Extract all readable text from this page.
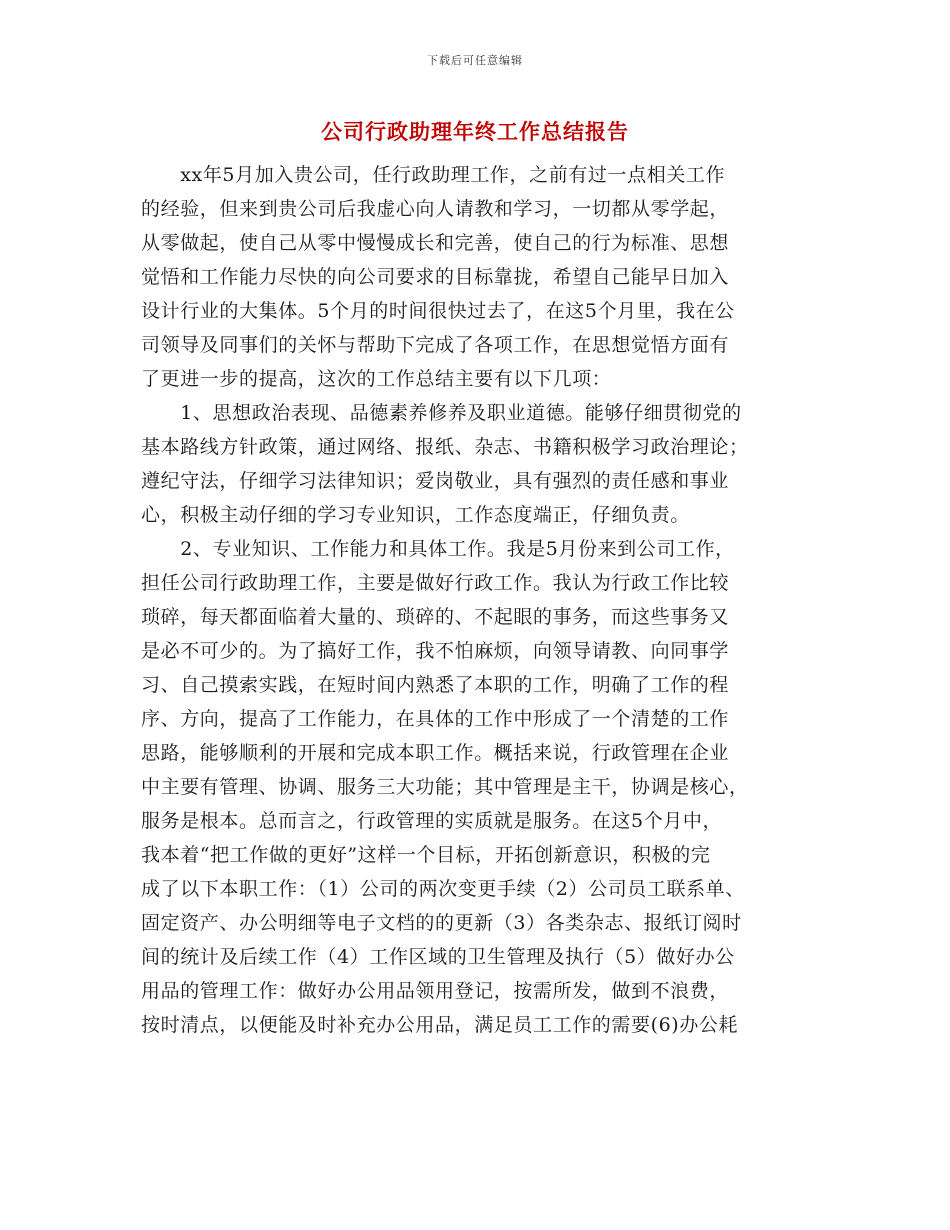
下载后可任意编辑
公司行政助理年终工作总结报告
　　xx年5月加入贵公司，任行政助理工作，之前有过一点相关工作
的经验，但来到贵公司后我虚心向人请教和学习，一切都从零学起，
从零做起，使自己从零中慢慢成长和完善，使自己的行为标准、思想
觉悟和工作能力尽快的向公司要求的目标靠拢，希望自己能早日加入
设计行业的大集体。5个月的时间很快过去了，在这5个月里，我在公
司领导及同事们的关怀与帮助下完成了各项工作，在思想觉悟方面有
了更进一步的提高，这次的工作总结主要有以下几项：
　　1、思想政治表现、品德素养修养及职业道德。能够仔细贯彻党的
基本路线方针政策，通过网络、报纸、杂志、书籍积极学习政治理论；
遵纪守法，仔细学习法律知识；爱岗敬业，具有强烈的责任感和事业
心，积极主动仔细的学习专业知识，工作态度端正，仔细负责。
　　2、专业知识、工作能力和具体工作。我是5月份来到公司工作，
担任公司行政助理工作，主要是做好行政工作。我认为行政工作比较
琐碎，每天都面临着大量的、琐碎的、不起眼的事务，而这些事务又
是必不可少的。为了搞好工作，我不怕麻烦，向领导请教、向同事学
习、自己摸索实践，在短时间内熟悉了本职的工作，明确了工作的程
序、方向，提高了工作能力，在具体的工作中形成了一个清楚的工作
思路，能够顺利的开展和完成本职工作。概括来说，行政管理在企业
中主要有管理、协调、服务三大功能；其中管理是主干，协调是核心，
服务是根本。总而言之，行政管理的实质就是服务。在这5个月中，
我本着“把工作做的更好”这样一个目标，开拓创新意识，积极的完
成了以下本职工作：（1）公司的两次变更手续（2）公司员工联系单、
固定资产、办公明细等电子文档的的更新（3）各类杂志、报纸订阅时
间的统计及后续工作（4）工作区域的卫生管理及执行（5）做好办公
用品的管理工作：做好办公用品领用登记，按需所发，做到不浪费，
按时清点，以便能及时补充办公用品，满足员工工作的需要(6)办公耗
